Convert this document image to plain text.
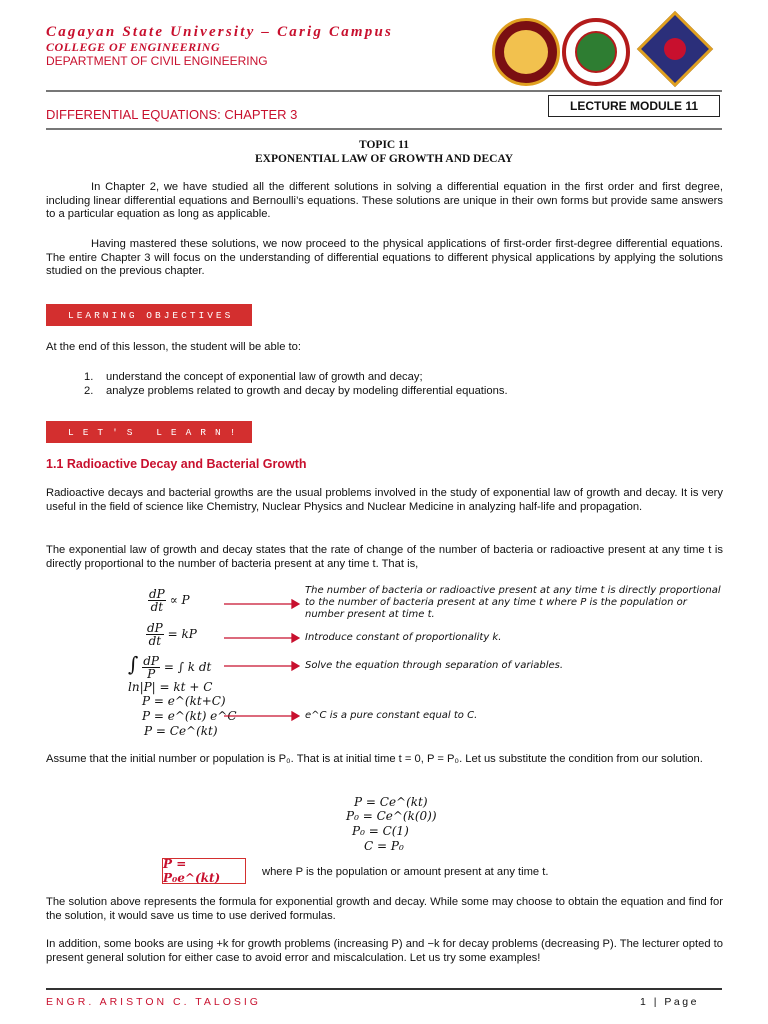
Cagayan State University – Carig Campus
COLLEGE OF ENGINEERING
DEPARTMENT OF CIVIL ENGINEERING
LECTURE MODULE 11
DIFFERENTIAL EQUATIONS: CHAPTER 3
TOPIC 11
EXPONENTIAL LAW OF GROWTH AND DECAY
In Chapter 2, we have studied all the different solutions in solving a differential equation in the first order and first degree, including linear differential equations and Bernoulli’s equations. These solutions are unique in their own forms but provide same answers to a particular equation as long as applicable.
Having mastered these solutions, we now proceed to the physical applications of first-order first-degree differential equations. The entire Chapter 3 will focus on the understanding of differential equations to different physical applications by applying the solutions studied on the previous chapter.
LEARNING OBJECTIVES
At the end of this lesson, the student will be able to:
1. understand the concept of exponential law of growth and decay;
2. analyze problems related to growth and decay by modeling differential equations.
LET'S LEARN!
1.1 Radioactive Decay and Bacterial Growth
Radioactive decays and bacterial growths are the usual problems involved in the study of exponential law of growth and decay. It is very useful in the field of science like Chemistry, Nuclear Physics and Nuclear Medicine in analyzing half-life and propagation.
The exponential law of growth and decay states that the rate of change of the number of bacteria or radioactive present at any time t is directly proportional to the number of bacteria present at any time t. That is,
$\frac{dP}{dt} \propto P$
$\frac{dP}{dt}$ = kP
∫ $\frac{dP}{P}$ = ∫ k dt
ln|P| = kt + C
P = e^(kt+C)
P = e^(kt) e^C
P = Ce^(kt)
The number of bacteria or radioactive present at any time t is directly proportional to the number of bacteria present at any time t where P is the population or number present at time t.
Introduce constant of proportionality k.
Solve the equation through separation of variables.
e^C is a pure constant equal to C.
Assume that the initial number or population is P₀. That is at initial time t = 0, P = P₀. Let us substitute the condition from our solution.
P = Ce^(kt)
P₀ = Ce^(k(0))
P₀ = C(1)
C = P₀
P = P₀e^(kt)	where P is the population or amount present at any time t.
The solution above represents the formula for exponential growth and decay. While some may choose to obtain the equation and find for the solution, it would save us time to use derived formulas.
In addition, some books are using +k for growth problems (increasing P) and −k for decay problems (decreasing P). The lecturer opted to present general solution for either case to avoid error and miscalculation. Let us try some examples!
ENGR. ARISTON C. TALOSIG	1 | Page
